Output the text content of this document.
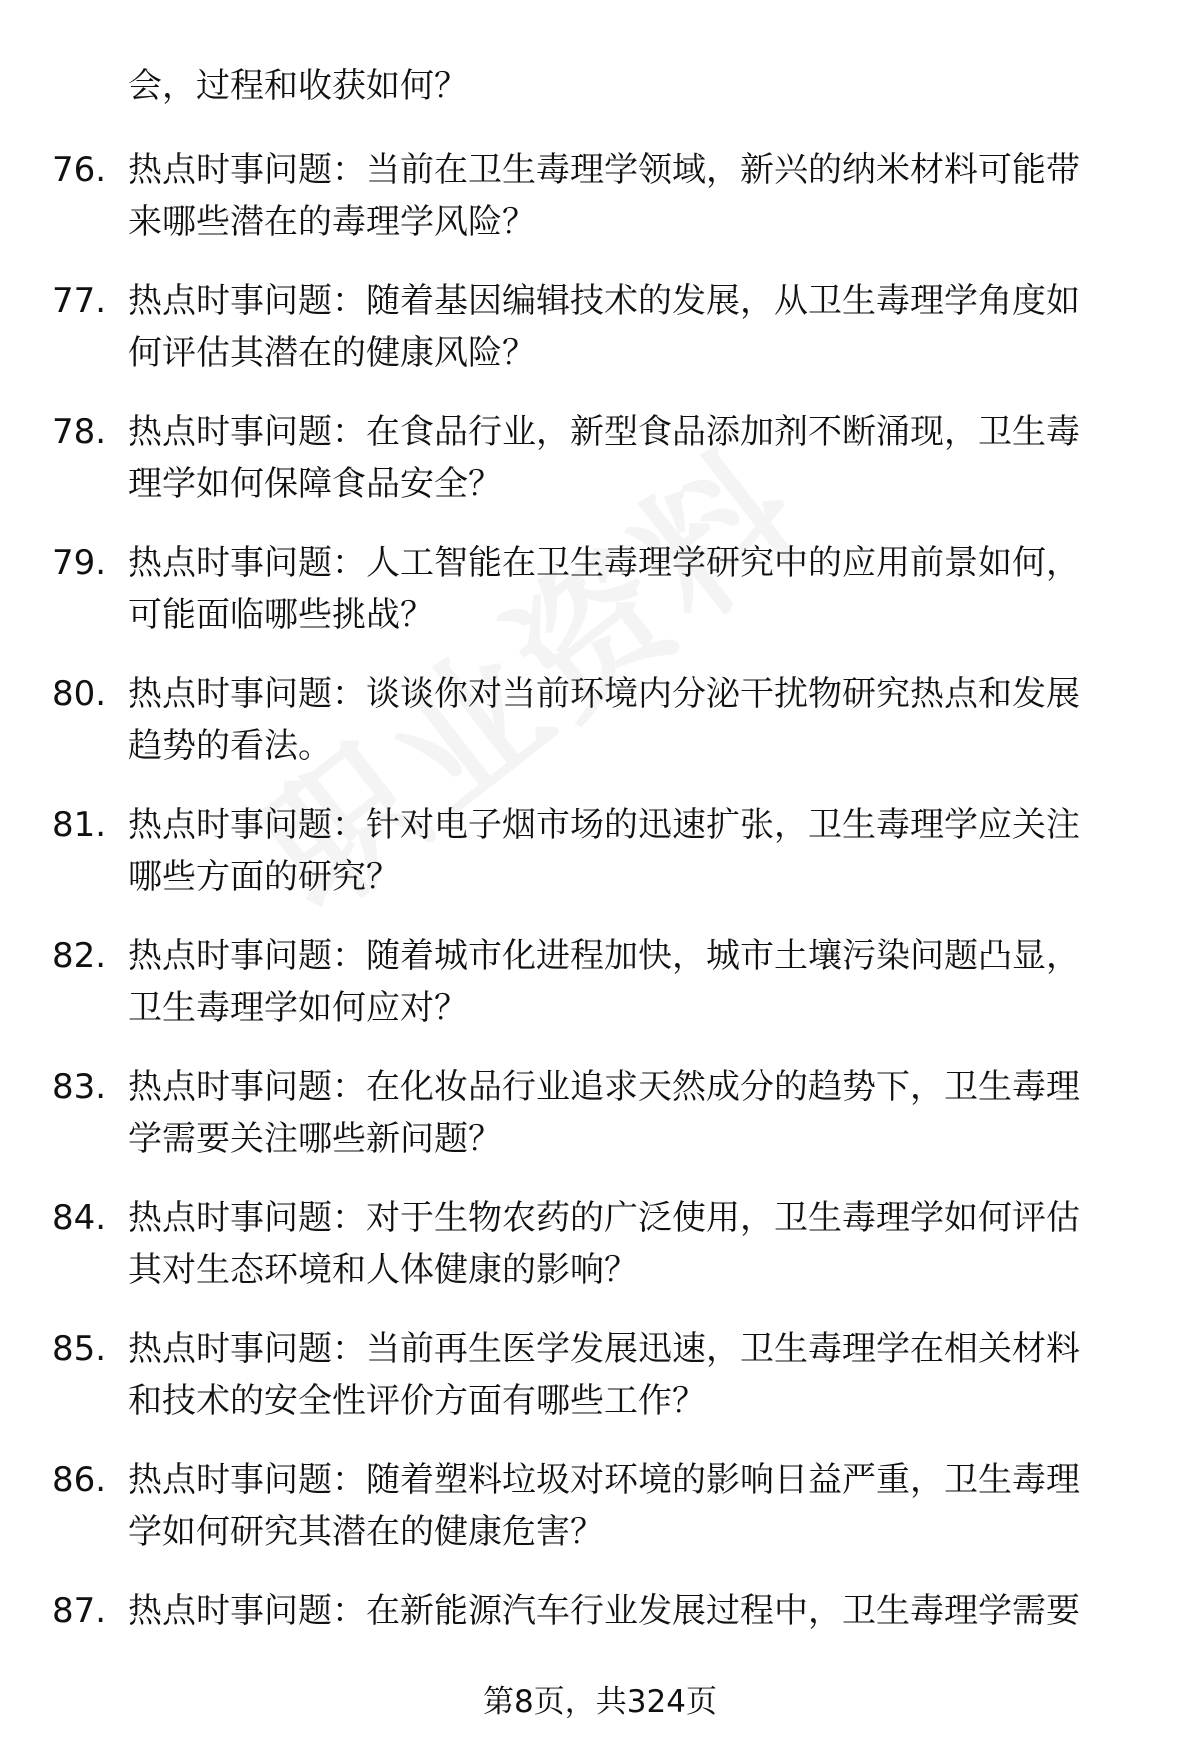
会，过程和收获如何？
76. 热点时事问题：当前在卫生毒理学领域，新兴的纳米材料可能带
来哪些潜在的毒理学风险？
77. 热点时事问题：随着基因编辑技术的发展，从卫生毒理学角度如
何评估其潜在的健康风险？
78. 热点时事问题：在食品行业，新型食品添加剂不断涌现，卫生毒
理学如何保障食品安全？
79. 热点时事问题：人工智能在卫生毒理学研究中的应用前景如何，
可能面临哪些挑战？
80. 热点时事问题：谈谈你对当前环境内分泌干扰物研究热点和发展
趋势的看法。
81. 热点时事问题：针对电子烟市场的迅速扩张，卫生毒理学应关注
哪些方面的研究？
82. 热点时事问题：随着城市化进程加快，城市土壤污染问题凸显，
卫生毒理学如何应对？
83. 热点时事问题：在化妆品行业追求天然成分的趋势下，卫生毒理
学需要关注哪些新问题？
84. 热点时事问题：对于生物农药的广泛使用，卫生毒理学如何评估
其对生态环境和人体健康的影响？
85. 热点时事问题：当前再生医学发展迅速，卫生毒理学在相关材料
和技术的安全性评价方面有哪些工作？
86. 热点时事问题：随着塑料垃圾对环境的影响日益严重，卫生毒理
学如何研究其潜在的健康危害？
87. 热点时事问题：在新能源汽车行业发展过程中，卫生毒理学需要
第8页，共324页
